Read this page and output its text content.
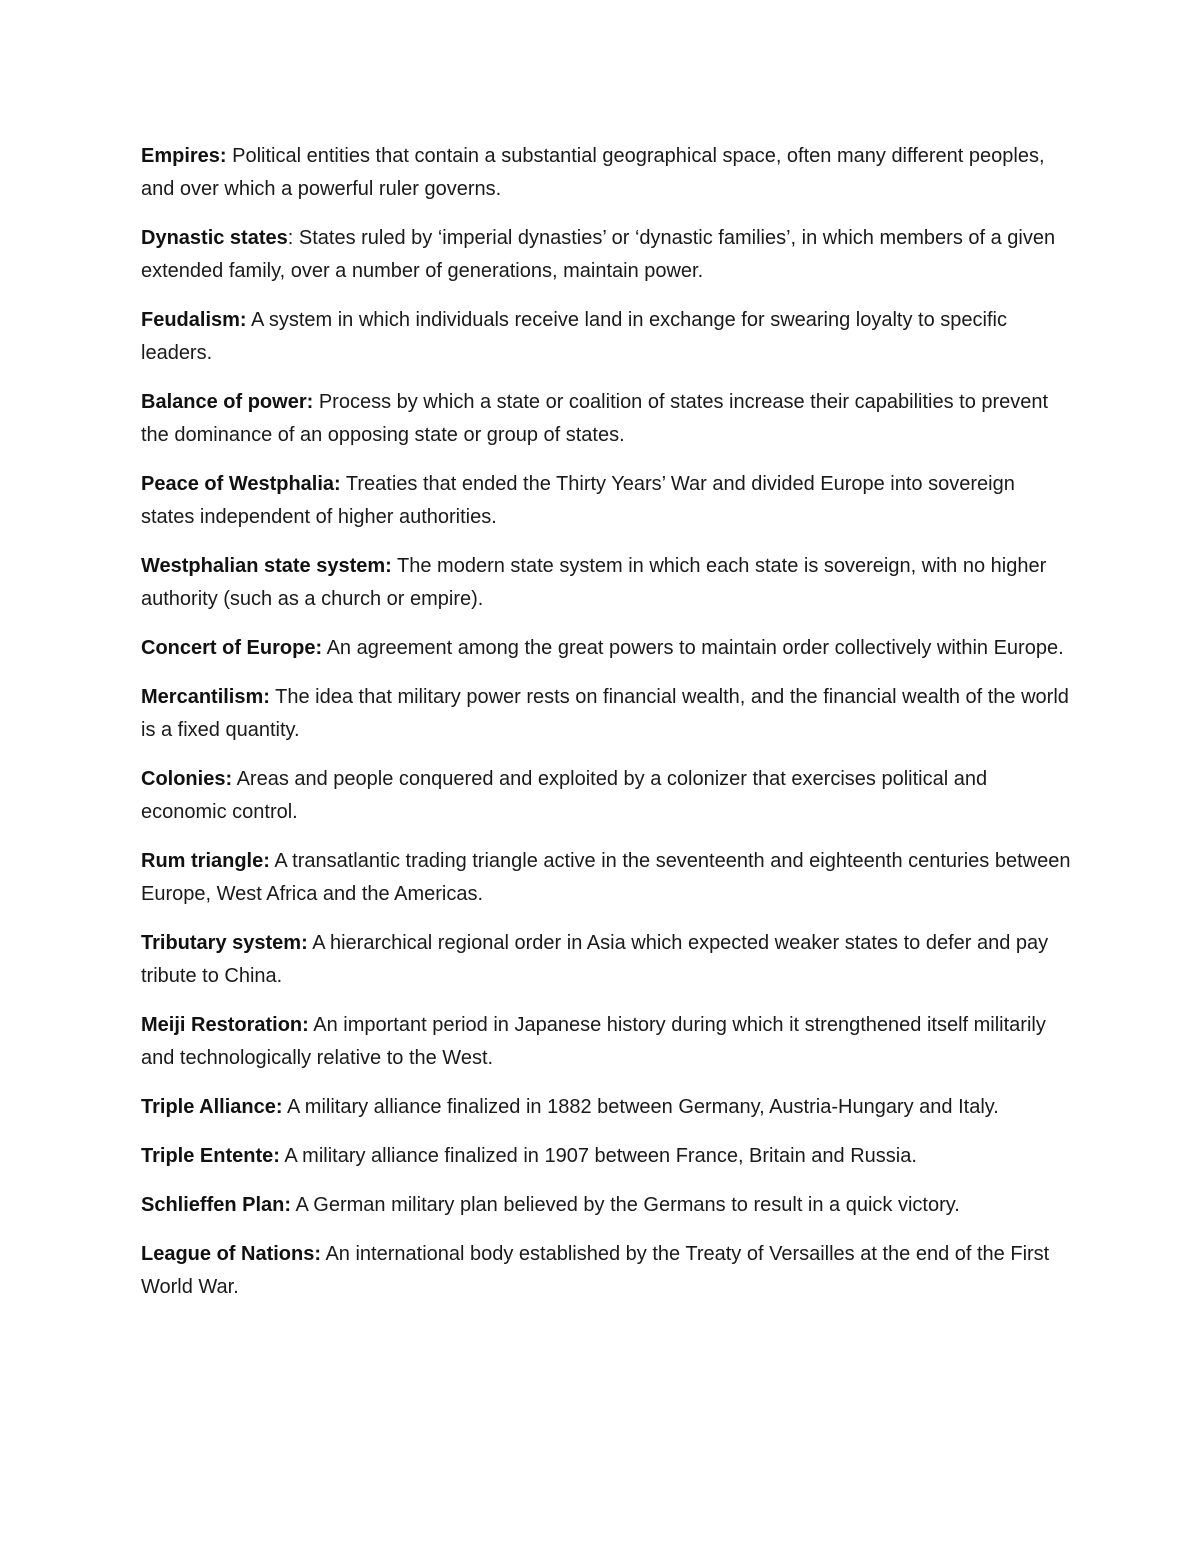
Empires: Political entities that contain a substantial geographical space, often many different peoples, and over which a powerful ruler governs.

Dynastic states: States ruled by ‘imperial dynasties’ or ‘dynastic families’, in which members of a given extended family, over a number of generations, maintain power.

Feudalism: A system in which individuals receive land in exchange for swearing loyalty to specific leaders.

Balance of power: Process by which a state or coalition of states increase their capabilities to prevent the dominance of an opposing state or group of states.

Peace of Westphalia: Treaties that ended the Thirty Years’ War and divided Europe into sovereign states independent of higher authorities.

Westphalian state system: The modern state system in which each state is sovereign, with no higher authority (such as a church or empire).

Concert of Europe: An agreement among the great powers to maintain order collectively within Europe.

Mercantilism: The idea that military power rests on financial wealth, and the financial wealth of the world is a fixed quantity.

Colonies: Areas and people conquered and exploited by a colonizer that exercises political and economic control.

Rum triangle: A transatlantic trading triangle active in the seventeenth and eighteenth centuries between Europe, West Africa and the Americas.

Tributary system: A hierarchical regional order in Asia which expected weaker states to defer and pay tribute to China.

Meiji Restoration: An important period in Japanese history during which it strengthened itself militarily and technologically relative to the West.

Triple Alliance: A military alliance finalized in 1882 between Germany, Austria-Hungary and Italy.

Triple Entente: A military alliance finalized in 1907 between France, Britain and Russia.

Schlieffen Plan: A German military plan believed by the Germans to result in a quick victory.

League of Nations: An international body established by the Treaty of Versailles at the end of the First World War.
